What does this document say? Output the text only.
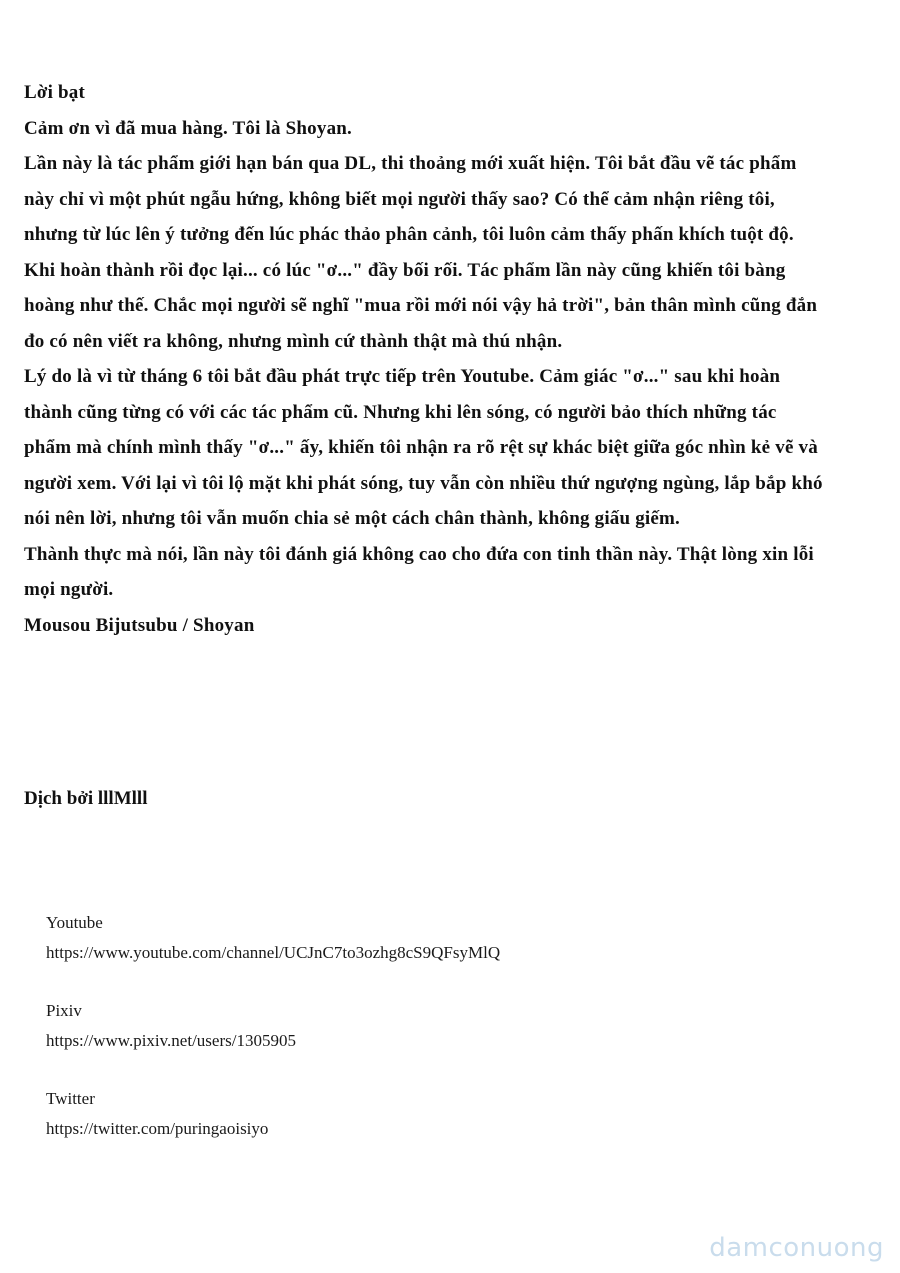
Lời bạt

Cảm ơn vì đã mua hàng. Tôi là Shoyan.

Lần này là tác phẩm giới hạn bán qua DL, thi thoảng mới xuất hiện. Tôi bắt đầu vẽ tác phẩm này chỉ vì một phút ngẫu hứng, không biết mọi người thấy sao? Có thể cảm nhận riêng tôi, nhưng từ lúc lên ý tưởng đến lúc phác thảo phân cảnh, tôi luôn cảm thấy phấn khích tuột độ. Khi hoàn thành rồi đọc lại... có lúc "ơ..." đầy bối rối. Tác phẩm lần này cũng khiến tôi bàng hoàng như thế. Chắc mọi người sẽ nghĩ "mua rồi mới nói vậy hả trời", bản thân mình cũng đắn đo có nên viết ra không, nhưng mình cứ thành thật mà thú nhận.

Lý do là vì từ tháng 6 tôi bắt đầu phát trực tiếp trên Youtube. Cảm giác "ơ..." sau khi hoàn thành cũng từng có với các tác phẩm cũ. Nhưng khi lên sóng, có người bảo thích những tác phẩm mà chính mình thấy "ơ..." ấy, khiến tôi nhận ra rõ rệt sự khác biệt giữa góc nhìn kẻ vẽ và người xem. Với lại vì tôi lộ mặt khi phát sóng, tuy vẫn còn nhiều thứ ngượng ngùng, lắp bắp khó nói nên lời, nhưng tôi vẫn muốn chia sẻ một cách chân thành, không giấu giếm.

Thành thực mà nói, lần này tôi đánh giá không cao cho đứa con tinh thần này. Thật lòng xin lỗi mọi người.

Mousou Bijutsubu / Shoyan

Dịch bởi lllMlll
Youtube
https://www.youtube.com/channel/UCJnC7to3ozhg8cS9QFsyMlQ
Pixiv
https://www.pixiv.net/users/1305905
Twitter
https://twitter.com/puringaoisiyo
damconuong
